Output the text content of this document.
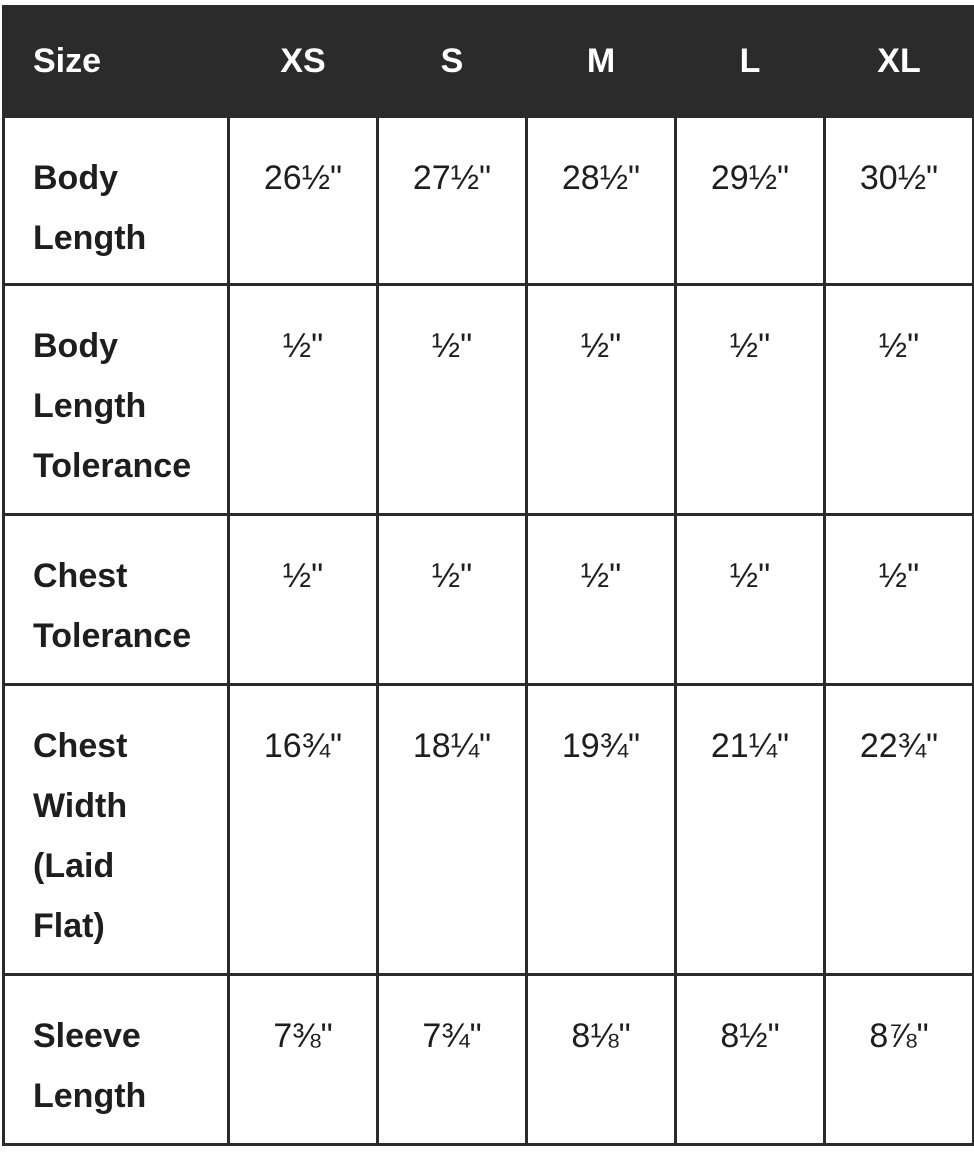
Size	XS	S	M	L	XL

Body
Length	26½"	27½"	28½"	29½"	30½"

Body
Length
Tolerance	½"	½"	½"	½"	½"

Chest
Tolerance	½"	½"	½"	½"	½"

Chest
Width
(Laid
Flat)	16¾"	18¼"	19¾"	21¼"	22¾"

Sleeve
Length	7⅜"	7¾"	8⅛"	8½"	8⅞"
